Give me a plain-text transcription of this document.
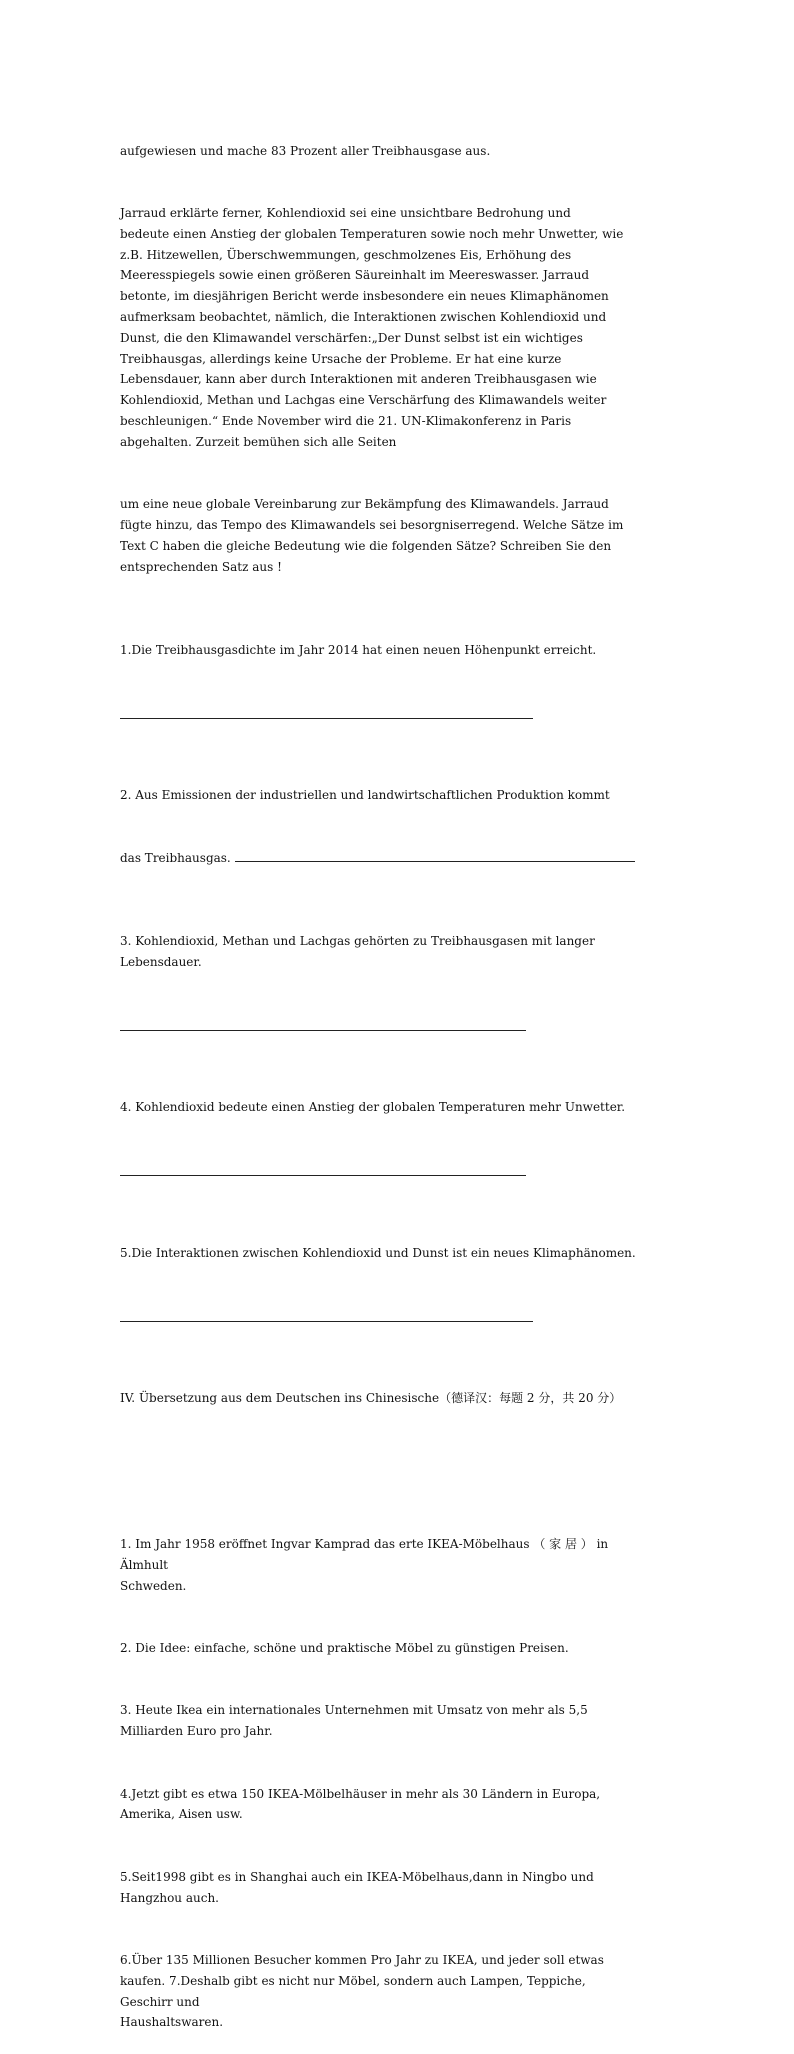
aufgewiesen und mache 83 Prozent aller Treibhausgase aus.

Jarraud erklärte ferner, Kohlendioxid sei eine unsichtbare Bedrohung und
bedeute einen Anstieg der globalen Temperaturen sowie noch mehr Unwetter, wie
z.B. Hitzewellen, Überschwemmungen, geschmolzenes Eis, Erhöhung des
Meeresspiegels sowie einen größeren Säureinhalt im Meereswasser. Jarraud
betonte, im diesjährigen Bericht werde insbesondere ein neues Klimaphänomen
aufmerksam beobachtet, nämlich, die Interaktionen zwischen Kohlendioxid und
Dunst, die den Klimawandel verschärfen:„Der Dunst selbst ist ein wichtiges
Treibhausgas, allerdings keine Ursache der Probleme. Er hat eine kurze
Lebensdauer, kann aber durch Interaktionen mit anderen Treibhausgasen wie
Kohlendioxid, Methan und Lachgas eine Verschärfung des Klimawandels weiter
beschleunigen.“ Ende November wird die 21. UN-Klimakonferenz in Paris
abgehalten. Zurzeit bemühen sich alle Seiten

um eine neue globale Vereinbarung zur Bekämpfung des Klimawandels. Jarraud
fügte hinzu, das Tempo des Klimawandels sei besorgniserregend. Welche Sätze im
Text C haben die gleiche Bedeutung wie die folgenden Sätze? Schreiben Sie den
entsprechenden Satz aus !

1.Die Treibhausgasdichte im Jahr 2014 hat einen neuen Höhenpunkt erreicht.

2. Aus Emissionen der industriellen und landwirtschaftlichen Produktion kommt

das Treibhausgas.

3. Kohlendioxid, Methan und Lachgas gehörten zu Treibhausgasen mit langer
Lebensdauer.

4. Kohlendioxid bedeute einen Anstieg der globalen Temperaturen mehr Unwetter.

5.Die Interaktionen zwischen Kohlendioxid und Dunst ist ein neues Klimaphänomen.

IV. Übersetzung aus dem Deutschen ins Chinesische（德译汉：每题 2 分，共 20 分）

1. Im Jahr 1958 eröffnet Ingvar Kamprad das erte IKEA-Möbelhaus （ 家 居 ） in
Älmhult
Schweden.

2. Die Idee: einfache, schöne und praktische Möbel zu günstigen Preisen.

3. Heute Ikea ein internationales Unternehmen mit Umsatz von mehr als 5,5
Milliarden Euro pro Jahr.

4.Jetzt gibt es etwa 150 IKEA-Mölbelhäuser in mehr als 30 Ländern in Europa,
Amerika, Aisen usw.

5.Seit1998 gibt es in Shanghai auch ein IKEA-Möbelhaus,dann in Ningbo und
Hangzhou auch.

6.Über 135 Millionen Besucher kommen Pro Jahr zu IKEA, und jeder soll etwas
kaufen. 7.Deshalb gibt es nicht nur Möbel, sondern auch Lampen, Teppiche,
Geschirr und
Haushaltswaren.
